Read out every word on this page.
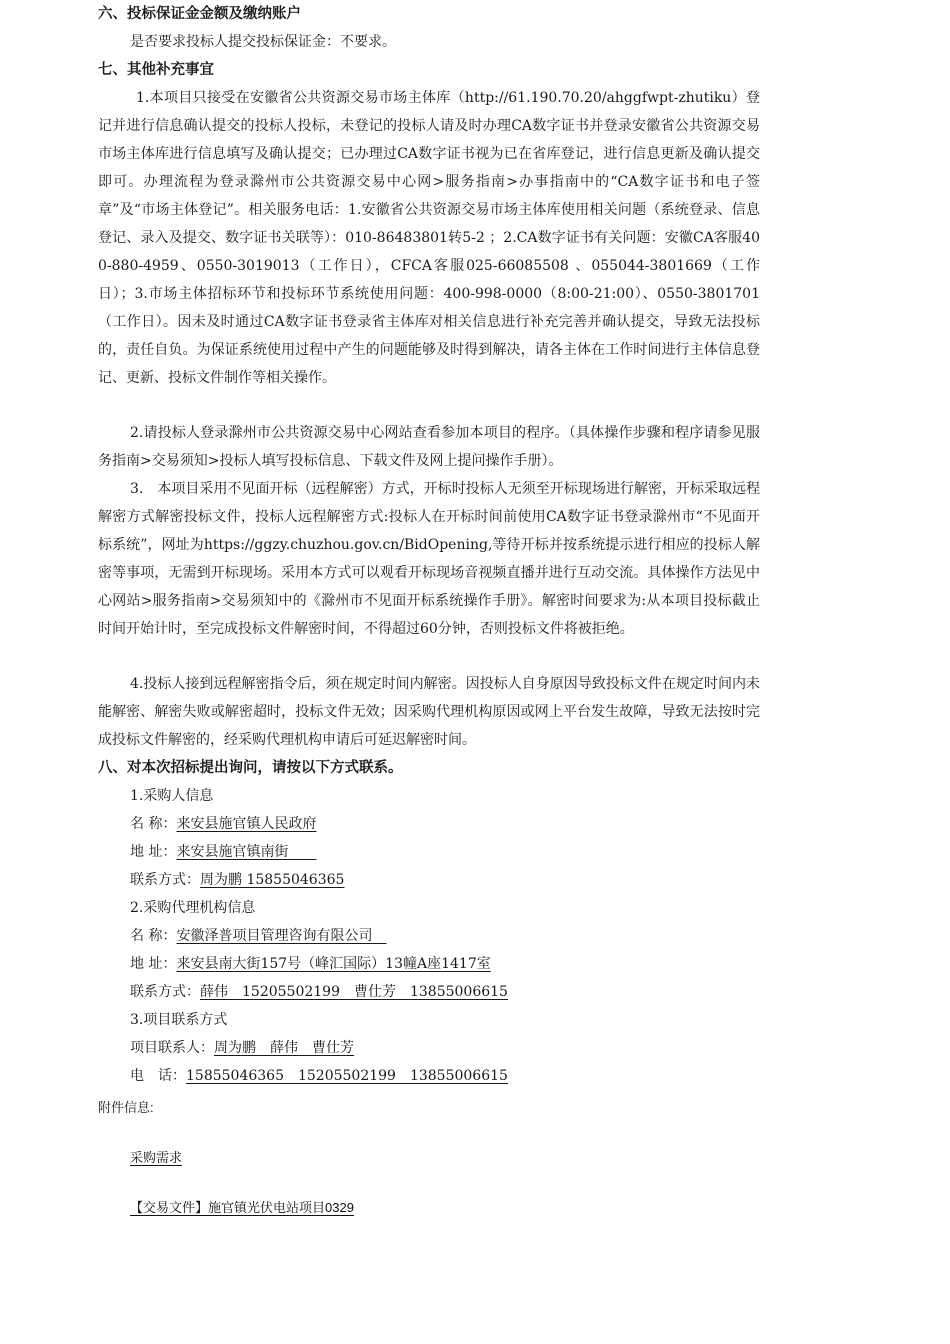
六、投标保证金金额及缴纳账户
是否要求投标人提交投标保证金：不要求。
七、其他补充事宜
1.本项目只接受在安徽省公共资源交易市场主体库（http://61.190.70.20/ahggfwpt-zhutiku）登记并进行信息确认提交的投标人投标，未登记的投标人请及时办理CA数字证书并登录安徽省公共资源交易市场主体库进行信息填写及确认提交；已办理过CA数字证书视为已在省库登记，进行信息更新及确认提交即可。办理流程为登录滁州市公共资源交易中心网>服务指南>办事指南中的“CA数字证书和电子签章”及“市场主体登记”。相关服务电话：1.安徽省公共资源交易市场主体库使用相关问题（系统登录、信息登记、录入及提交、数字证书关联等）：010-86483801转5-2 ；2.CA数字证书有关问题：安徽CA客服400-880-4959、0550-3019013（工作日），CFCA客服025-66085508 、055044-3801669（工作日）；3.市场主体招标环节和投标环节系统使用问题：400-998-0000（8:00-21:00）、0550-3801701（工作日）。因未及时通过CA数字证书登录省主体库对相关信息进行补充完善并确认提交，导致无法投标的，责任自负。为保证系统使用过程中产生的问题能够及时得到解决，请各主体在工作时间进行主体信息登记、更新、投标文件制作等相关操作。
2.请投标人登录滁州市公共资源交易中心网站查看参加本项目的程序。（具体操作步骤和程序请参见服务指南>交易须知>投标人填写投标信息、下载文件及网上提问操作手册）。
3.　本项目采用不见面开标（远程解密）方式，开标时投标人无须至开标现场进行解密，开标采取远程解密方式解密投标文件，投标人远程解密方式:投标人在开标时间前使用CA数字证书登录滁州市“不见面开标系统”，网址为https://ggzy.chuzhou.gov.cn/BidOpening,等待开标并按系统提示进行相应的投标人解密等事项，无需到开标现场。采用本方式可以观看开标现场音视频直播并进行互动交流。具体操作方法见中心网站>服务指南>交易须知中的《滁州市不见面开标系统操作手册》。解密时间要求为:从本项目投标截止时间开始计时，至完成投标文件解密时间，不得超过60分钟，否则投标文件将被拒绝。
4.投标人接到远程解密指令后，须在规定时间内解密。因投标人自身原因导致投标文件在规定时间内未能解密、解密失败或解密超时，投标文件无效；因采购代理机构原因或网上平台发生故障，导致无法按时完成投标文件解密的，经采购代理机构申请后可延迟解密时间。
八、对本次招标提出询问，请按以下方式联系。
1.采购人信息
名 称：来安县施官镇人民政府
地 址：来安县施官镇南街　　
联系方式：周为鹏 15855046365
2.采购代理机构信息
名 称：安徽泽普项目管理咨询有限公司　
地 址：来安县南大街157号（峰汇国际）13幢A座1417室
联系方式：薛伟　15205502199　曹仕芳　13855006615
3.项目联系方式
项目联系人：周为鹏　薛伟　曹仕芳
电　话：15855046365　15205502199　13855006615
附件信息:
采购需求
【交易文件】施官镇光伏电站项目0329
